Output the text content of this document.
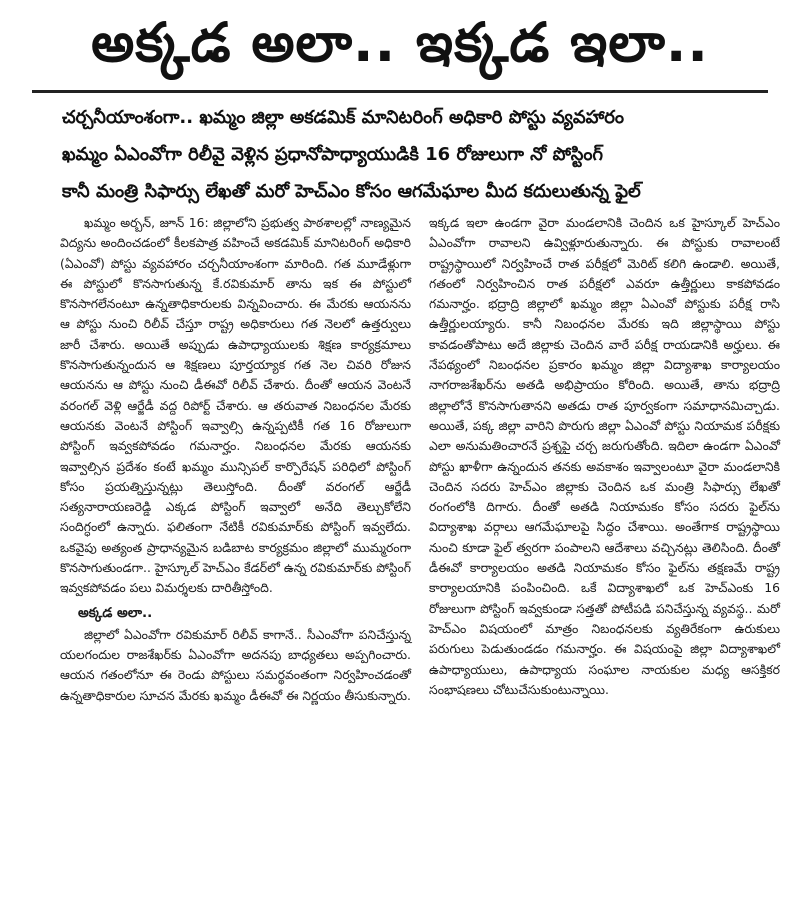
అక్కడ అలా.. ఇక్కడ ఇలా..
చర్చనీయాంశంగా.. ఖమ్మం జిల్లా అకడమిక్ మానిటరింగ్ అధికారి పోస్టు వ్యవహారం
ఖమ్మం ఏఎంవోగా రిలీవై వెళ్లిన ప్రధానోపాధ్యాయుడికి 16 రోజులుగా నో పోస్టింగ్
కానీ మంత్రి సిఫార్సు లేఖతో మరో హెచ్ఎం కోసం ఆగమేఘాల మీద కదులుతున్న ఫైల్

ఖమ్మం అర్బన్, జూన్ 16: జిల్లాలోని ప్రభుత్వ పాఠశాలల్లో నాణ్యమైన విద్యను అందించడంలో కీలకపాత్ర వహించే అకడమిక్ మానిటరింగ్ అధికారి (ఏఎంవో) పోస్టు వ్యవహారం చర్చనీయాంశంగా మారింది. గత మూడేళ్లుగా ఈ పోస్టులో కొనసాగుతున్న కే.రవికుమార్ తాను ఇక ఈ పోస్టులో కొనసాగలేనంటూ ఉన్నతాధికారులకు విన్నవించారు. ఈ మేరకు ఆయనను ఆ పోస్టు నుంచి రిలీవ్ చేస్తూ రాష్ట్ర అధికారులు గత నెలలో ఉత్తర్వులు జారీ చేశారు. అయితే అప్పుడు ఉపాధ్యాయులకు శిక్షణ కార్యక్రమాలు కొనసాగుతున్నందున ఆ శిక్షణలు పూర్తయ్యాక గత నెల చివరి రోజున ఆయనను ఆ పోస్టు నుంచి డీఈవో రిలీవ్ చేశారు. దీంతో ఆయన వెంటనే వరంగల్ వెళ్లి ఆర్జేడీ వద్ద రిపోర్ట్ చేశారు. ఆ తరువాత నిబంధనల మేరకు ఆయనకు వెంటనే పోస్టింగ్ ఇవ్వాల్సి ఉన్నప్పటికీ గత 16 రోజులుగా పోస్టింగ్ ఇవ్వకపోవడం గమనార్హం. నిబంధనల మేరకు ఆయనకు ఇవ్వాల్సిన ప్రదేశం కంటే ఖమ్మం మున్సిపల్ కార్పొరేషన్ పరిధిలో పోస్టింగ్ కోసం ప్రయత్నిస్తున్నట్లు తెలుస్తోంది. దీంతో వరంగల్ ఆర్జేడీ సత్యనారాయణరెడ్డి ఎక్కడ పోస్టింగ్ ఇవ్వాలో అనేది తెల్చుకోలేని సందిగ్ధంలో ఉన్నారు. ఫలితంగా నేటికీ రవికుమార్‌కు పోస్టింగ్ ఇవ్వలేదు. ఒకవైపు అత్యంత ప్రాధాన్యమైన బడిబాట కార్యక్రమం జిల్లాలో ముమ్మరంగా కొనసాగుతుండగా.. హైస్కూల్ హెచ్ఎం కేడర్‌లో ఉన్న రవికుమార్‌కు పోస్టింగ్ ఇవ్వకపోవడం పలు విమర్శలకు దారితీస్తోంది.

అక్కడ అలా..

జిల్లాలో ఏఎంవోగా రవికుమార్ రిలీవ్ కాగానే.. సీఎంవోగా పనిచేస్తున్న యలగందుల రాజశేఖర్‌కు ఏఎంవోగా అదనపు బాధ్యతలు అప్పగించారు. ఆయన గతంలోనూ ఈ రెండు పోస్టులు సమర్థవంతంగా నిర్వహించడంతో ఉన్నతాధికారుల సూచన మేరకు ఖమ్మం డీఈవో ఈ నిర్ణయం తీసుకున్నారు.

ఇక్కడ ఇలా ఉండగా వైరా మండలానికి చెందిన ఒక హైస్కూల్ హెచ్ఎం ఏఎంవోగా రావాలని ఉవ్విళ్లూరుతున్నారు. ఈ పోస్టుకు రావాలంటే రాష్ట్రస్థాయిలో నిర్వహించే రాత పరీక్షలో మెరిట్ కలిగి ఉండాలి. అయితే, గతంలో నిర్వహించిన రాత పరీక్షలో ఎవరూ ఉత్తీర్ణులు కాకపోవడం గమనార్హం. భద్రాద్రి జిల్లాలో ఖమ్మం జిల్లా ఏఎంవో పోస్టుకు పరీక్ష రాసి ఉత్తీర్ణులయ్యారు. కానీ నిబంధనల మేరకు ఇది జిల్లాస్థాయి పోస్టు కావడంతోపాటు అదే జిల్లాకు చెందిన వారే పరీక్ష రాయడానికి అర్హులు. ఈ నేపథ్యంలో నిబంధనల ప్రకారం ఖమ్మం జిల్లా విద్యాశాఖ కార్యాలయం నాగరాజశేఖర్‌ను అతడి అభిప్రాయం కోరింది. అయితే, తాను భద్రాద్రి జిల్లాలోనే కొనసాగుతానని అతడు రాత పూర్వకంగా సమాధానమిచ్చాడు. అయితే, పక్క జిల్లా వారిని పొరుగు జిల్లా ఏఎంవో పోస్టు నియామక పరీక్షకు ఎలా అనుమతించారనే ప్రశ్నపై చర్చ జరుగుతోంది. ఇదిలా ఉండగా ఏఎంవో పోస్టు ఖాళీగా ఉన్నందున తనకు అవకాశం ఇవ్వాలంటూ వైరా మండలానికి చెందిన సదరు హెచ్ఎం జిల్లాకు చెందిన ఒక మంత్రి సిఫార్సు లేఖతో రంగంలోకి దిగారు. దీంతో అతడి నియామకం కోసం సదరు ఫైల్‌ను విద్యాశాఖ వర్గాలు ఆగమేఘాలపై సిద్ధం చేశాయి. అంతేగాక రాష్ట్రస్థాయి నుంచి కూడా ఫైల్ త్వరగా పంపాలని ఆదేశాలు వచ్చినట్లు తెలిసింది. దీంతో డీఈవో కార్యాలయం అతడి నియామకం కోసం ఫైల్‌ను తక్షణమే రాష్ట్ర కార్యాలయానికి పంపించింది. ఒకే విద్యాశాఖలో ఒక హెచ్ఎంకు 16 రోజులుగా పోస్టింగ్ ఇవ్వకుండా సత్తతో పోటీపడి పనిచేస్తున్న వ్యవస్థ.. మరో హెచ్ఎం విషయంలో మాత్రం నిబంధనలకు వ్యతిరేకంగా ఉరుకులు పరుగులు పెడుతుండడం గమనార్హం. ఈ విషయంపై జిల్లా విద్యాశాఖలో ఉపాధ్యాయులు, ఉపాధ్యాయ సంఘాల నాయకుల మధ్య ఆసక్తికర సంభాషణలు చోటుచేసుకుంటున్నాయి.
